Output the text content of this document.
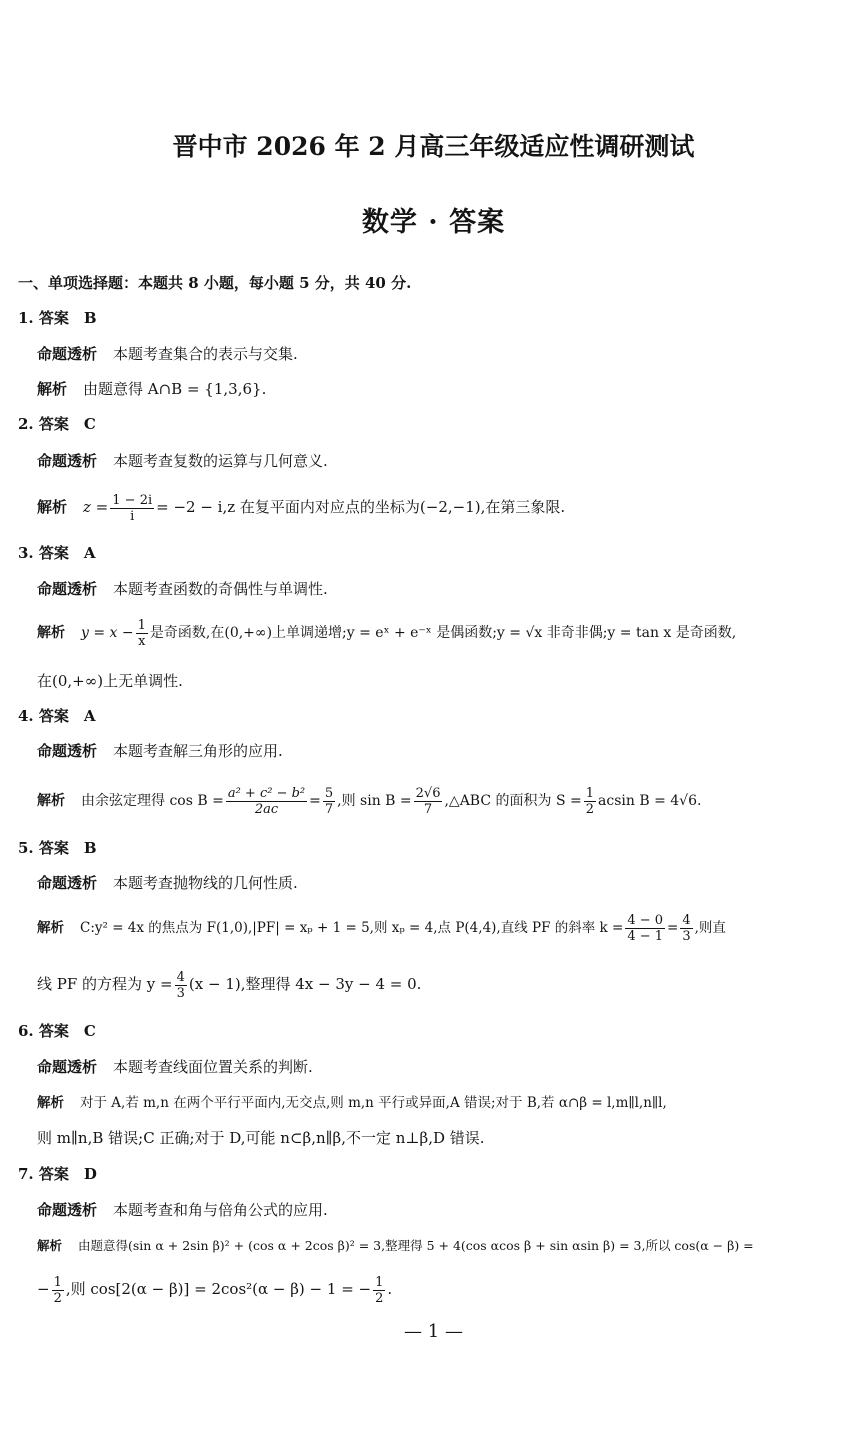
晋中市 2026 年 2 月高三年级适应性调研测试
数学 · 答案
一、单项选择题：本题共 8 小题，每小题 5 分，共 40 分.
1. 答案　B
命题透析 本题考查集合的表示与交集.
解析 由题意得 A∩B = {1,3,6}.
2. 答案　C
命题透析 本题考查复数的运算与几何意义.
解析 $z = \frac{1 - 2i}{i} = -2 - i,z$ 在复平面内对应点的坐标为(−2,−1),在第三象限.
3. 答案　A
命题透析 本题考查函数的奇偶性与单调性.
解析 $y = x - \frac{1}{x}$ 是奇函数,在(0,+∞)上单调递增;y = eˣ + e⁻ˣ 是偶函数;y = √x 非奇非偶;y = tan x 是奇函数,
在(0,+∞)上无单调性.
4. 答案　A
命题透析 本题考查解三角形的应用.
解析 由余弦定理得 $\cos B = \frac{\text{a² + c² − b²}}{2ac} = \frac{5}{7}$ ,则 $\sin B = \frac{2√6}{7}$ ,△ABC 的面积为 $S = \frac{1}{2}$ acsin B = 4√6.
5. 答案　B
命题透析 本题考查抛物线的几何性质.
解析 C:y² = 4x 的焦点为 F(1,0),|PF| = xₚ + 1 = 5,则 xₚ = 4,点 P(4,4),直线 PF 的斜率 $k = \frac{4 - 0}{4 - 1} = \frac{4}{3}$ ,则直
线 PF 的方程为 $y = \frac{4}{3} (x - 1)$,整理得 4x − 3y − 4 = 0.
6. 答案　C
命题透析 本题考查线面位置关系的判断.
解析 对于 A,若 m,n 在两个平行平面内,无交点,则 m,n 平行或异面,A 错误;对于 B,若 α∩β = l,m∥l,n∥l,
则 m∥n,B 错误;C 正确;对于 D,可能 n⊂β,n∥β,不一定 n⊥β,D 错误.
7. 答案　D
命题透析 本题考查和角与倍角公式的应用.
解析 由题意得(sin α + 2sin β)² + (cos α + 2cos β)² = 3,整理得 5 + 4(cos αcos β + sin αsin β) = 3,所以 cos(α − β) =
− $\frac{1}{2}$ ,则 cos[2(α − β)] = 2cos²(α − β) − 1 = − $\frac{1}{2}$ .
— 1 —
